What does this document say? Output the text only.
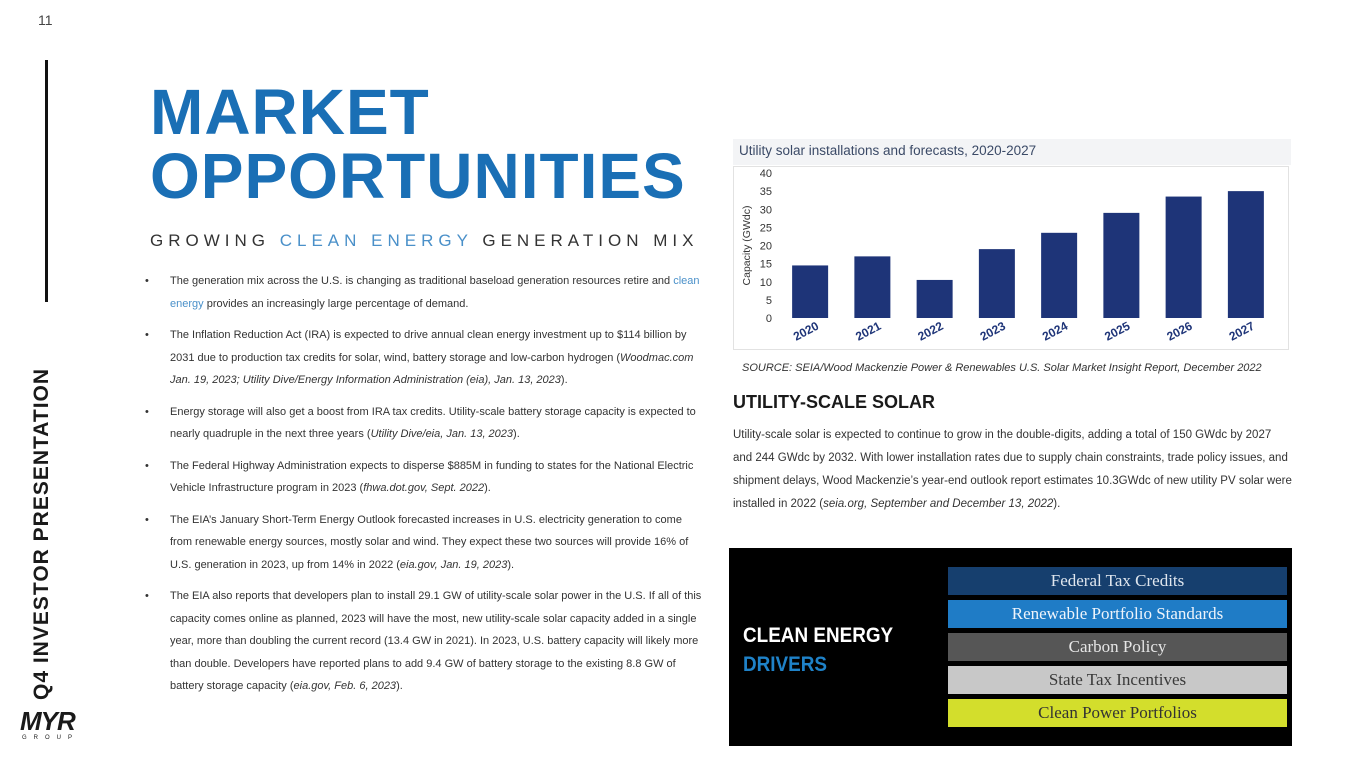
11
Q4 INVESTOR PRESENTATION
MYR
GROUP
MARKET
OPPORTUNITIES
GROWING CLEAN ENERGY GENERATION MIX
• The generation mix across the U.S. is changing as traditional baseload generation resources retire and clean energy provides an increasingly large percentage of demand.
• The Inflation Reduction Act (IRA) is expected to drive annual clean energy investment up to $114 billion by 2031 due to production tax credits for solar, wind, battery storage and low-carbon hydrogen (Woodmac.com Jan. 19, 2023; Utility Dive/Energy Information Administration (eia), Jan. 13, 2023).
• Energy storage will also get a boost from IRA tax credits. Utility-scale battery storage capacity is expected to nearly quadruple in the next three years (Utility Dive/eia, Jan. 13, 2023).
• The Federal Highway Administration expects to disperse $885M in funding to states for the National Electric Vehicle Infrastructure program in 2023 (fhwa.dot.gov, Sept. 2022).
• The EIA’s January Short-Term Energy Outlook forecasted increases in U.S. electricity generation to come from renewable energy sources, mostly solar and wind. They expect these two sources will provide 16% of U.S. generation in 2023, up from 14% in 2022 (eia.gov, Jan. 19, 2023).
• The EIA also reports that developers plan to install 29.1 GW of utility-scale solar power in the U.S. If all of this capacity comes online as planned, 2023 will have the most, new utility-scale solar capacity added in a single year, more than doubling the current record (13.4 GW in 2021). In 2023, U.S. battery capacity will likely more than double. Developers have reported plans to add 9.4 GW of battery storage to the existing 8.8 GW of battery storage capacity (eia.gov, Feb. 6, 2023).
Utility solar installations and forecasts, 2020-2027
0
5
10
15
20
25
30
35
40
Capacity (GWdc)
2020	2021	2022	2023	2024	2025	2026	2027
SOURCE: SEIA/Wood Mackenzie Power & Renewables U.S. Solar Market Insight Report, December 2022
UTILITY-SCALE SOLAR
Utility-scale solar is expected to continue to grow in the double-digits, adding a total of 150 GWdc by 2027 and 244 GWdc by 2032. With lower installation rates due to supply chain constraints, trade policy issues, and shipment delays, Wood Mackenzie’s year-end outlook report estimates 10.3GWdc of new utility PV solar were installed in 2022 (seia.org, September and December 13, 2022).
CLEAN ENERGY
DRIVERS
Federal Tax Credits
Renewable Portfolio Standards
Carbon Policy
State Tax Incentives
Clean Power Portfolios
